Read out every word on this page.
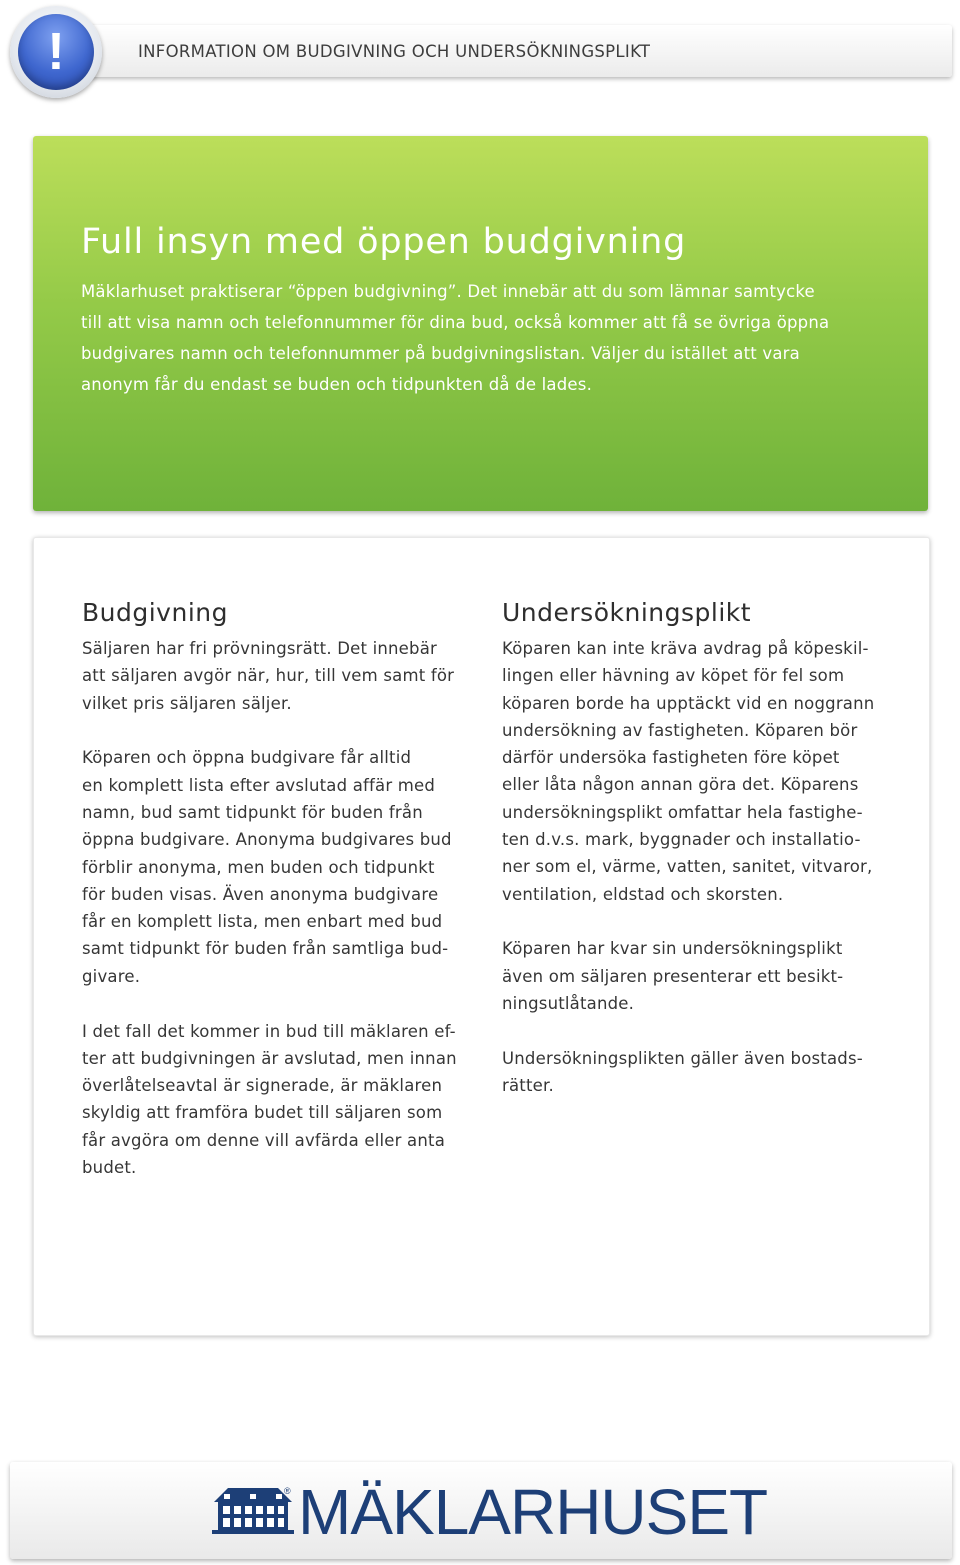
INFORMATION OM BUDGIVNING OCH UNDERSÖKNINGSPLIKT
!
Full insyn med öppen budgivning

Mäklarhuset praktiserar “öppen budgivning”. Det innebär att du som lämnar samtycke
till att visa namn och telefonnummer för dina bud, också kommer att få se övriga öppna
budgivares namn och telefonnummer på budgivningslistan. Väljer du istället att vara
anonym får du endast se buden och tidpunkten då de lades.

Budgivning

Säljaren har fri prövningsrätt. Det innebär
att säljaren avgör när, hur, till vem samt för
vilket pris säljaren säljer.

Köparen och öppna budgivare får alltid
en komplett lista efter avslutad affär med
namn, bud samt tidpunkt för buden från
öppna budgivare. Anonyma budgivares bud
förblir anonyma, men buden och tidpunkt
för buden visas. Även anonyma budgivare
får en komplett lista, men enbart med bud
samt tidpunkt för buden från samtliga bud-
givare.

I det fall det kommer in bud till mäklaren ef-
ter att budgivningen är avslutad, men innan
överlåtelseavtal är signerade, är mäklaren
skyldig att framföra budet till säljaren som
får avgöra om denne vill avfärda eller anta
budet.

Undersökningsplikt

Köparen kan inte kräva avdrag på köpeskil-
lingen eller hävning av köpet för fel som
köparen borde ha upptäckt vid en noggrann
undersökning av fastigheten. Köparen bör
därför undersöka fastigheten före köpet
eller låta någon annan göra det. Köparens
undersökningsplikt omfattar hela fastighe-
ten d.v.s. mark, byggnader och installatio-
ner som el, värme, vatten, sanitet, vitvaror,
ventilation, eldstad och skorsten.

Köparen har kvar sin undersökningsplikt
även om säljaren presenterar ett besikt-
ningsutlåtande.

Undersökningsplikten gäller även bostads-
rätter.

® MÄKLARHUSET
